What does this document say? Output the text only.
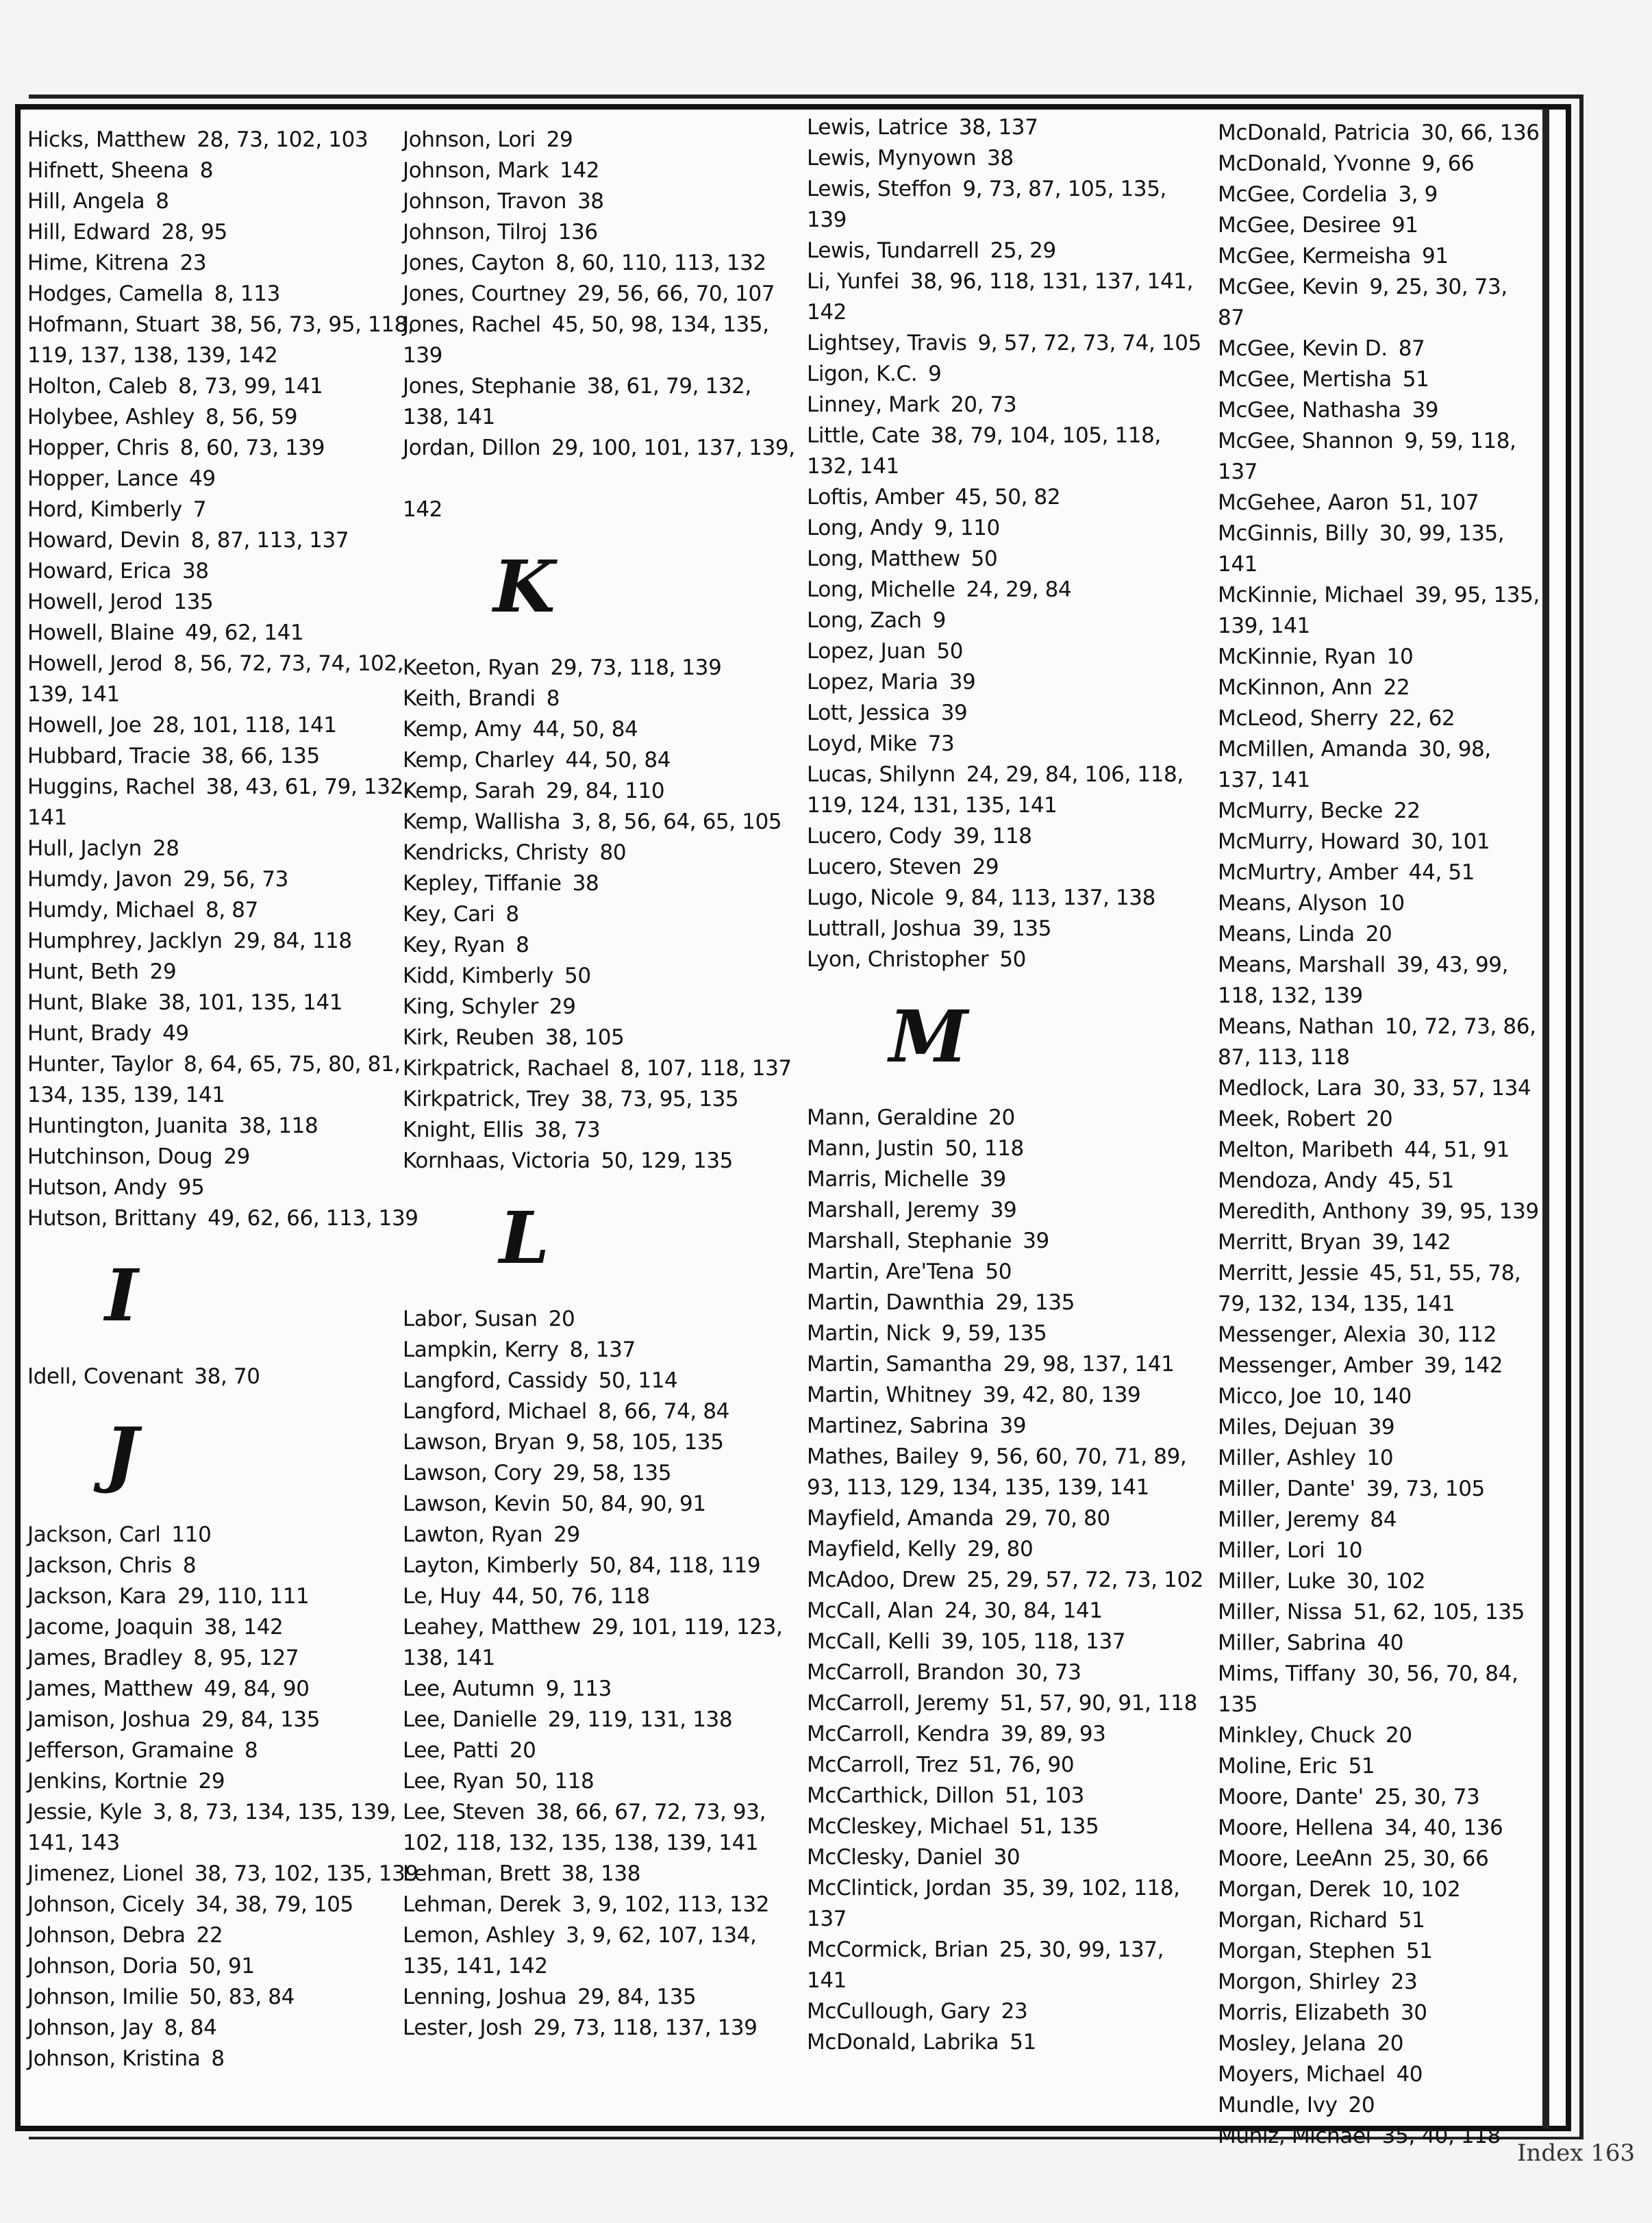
Hicks, Matthew 28, 73, 102, 103
Hifnett, Sheena 8
Hill, Angela 8
Hill, Edward 28, 95
Hime, Kitrena 23
Hodges, Camella 8, 113
Hofmann, Stuart 38, 56, 73, 95, 118, 119, 137, 138, 139, 142
Holton, Caleb 8, 73, 99, 141
Holybee, Ashley 8, 56, 59
Hopper, Chris 8, 60, 73, 139
Hopper, Lance 49
Hord, Kimberly 7
Howard, Devin 8, 87, 113, 137
Howard, Erica 38
Howell, Jerod 135
Howell, Blaine 49, 62, 141
Howell, Jerod 8, 56, 72, 73, 74, 102, 139, 141
Howell, Joe 28, 101, 118, 141
Hubbard, Tracie 38, 66, 135
Huggins, Rachel 38, 43, 61, 79, 132, 141
Hull, Jaclyn 28
Humdy, Javon 29, 56, 73
Humdy, Michael 8, 87
Humphrey, Jacklyn 29, 84, 118
Hunt, Beth 29
Hunt, Blake 38, 101, 135, 141
Hunt, Brady 49
Hunter, Taylor 8, 64, 65, 75, 80, 81, 134, 135, 139, 141
Huntington, Juanita 38, 118
Hutchinson, Doug 29
Hutson, Andy 95
Hutson, Brittany 49, 62, 66, 113, 139
I
Idell, Covenant 38, 70
J
Jackson, Carl 110
Jackson, Chris 8
Jackson, Kara 29, 110, 111
Jacome, Joaquin 38, 142
James, Bradley 8, 95, 127
James, Matthew 49, 84, 90
Jamison, Joshua 29, 84, 135
Jefferson, Gramaine 8
Jenkins, Kortnie 29
Jessie, Kyle 3, 8, 73, 134, 135, 139, 141, 143
Jimenez, Lionel 38, 73, 102, 135, 139
Johnson, Cicely 34, 38, 79, 105
Johnson, Debra 22
Johnson, Doria 50, 91
Johnson, Imilie 50, 83, 84
Johnson, Jay 8, 84
Johnson, Kristina 8
Johnson, Lori 29
Johnson, Mark 142
Johnson, Travon 38
Johnson, Tilroj 136
Jones, Cayton 8, 60, 110, 113, 132
Jones, Courtney 29, 56, 66, 70, 107
Jones, Rachel 45, 50, 98, 134, 135, 139
Jones, Stephanie 38, 61, 79, 132, 138, 141
Jordan, Dillon 29, 100, 101, 137, 139,
142
K
Keeton, Ryan 29, 73, 118, 139
Keith, Brandi 8
Kemp, Amy 44, 50, 84
Kemp, Charley 44, 50, 84
Kemp, Sarah 29, 84, 110
Kemp, Wallisha 3, 8, 56, 64, 65, 105
Kendricks, Christy 80
Kepley, Tiffanie 38
Key, Cari 8
Key, Ryan 8
Kidd, Kimberly 50
King, Schyler 29
Kirk, Reuben 38, 105
Kirkpatrick, Rachael 8, 107, 118, 137
Kirkpatrick, Trey 38, 73, 95, 135
Knight, Ellis 38, 73
Kornhaas, Victoria 50, 129, 135
L
Labor, Susan 20
Lampkin, Kerry 8, 137
Langford, Cassidy 50, 114
Langford, Michael 8, 66, 74, 84
Lawson, Bryan 9, 58, 105, 135
Lawson, Cory 29, 58, 135
Lawson, Kevin 50, 84, 90, 91
Lawton, Ryan 29
Layton, Kimberly 50, 84, 118, 119
Le, Huy 44, 50, 76, 118
Leahey, Matthew 29, 101, 119, 123, 138, 141
Lee, Autumn 9, 113
Lee, Danielle 29, 119, 131, 138
Lee, Patti 20
Lee, Ryan 50, 118
Lee, Steven 38, 66, 67, 72, 73, 93, 102, 118, 132, 135, 138, 139, 141
Lehman, Brett 38, 138
Lehman, Derek 3, 9, 102, 113, 132
Lemon, Ashley 3, 9, 62, 107, 134, 135, 141, 142
Lenning, Joshua 29, 84, 135
Lester, Josh 29, 73, 118, 137, 139
Lewis, Latrice 38, 137
Lewis, Mynyown 38
Lewis, Steffon 9, 73, 87, 105, 135, 139
Lewis, Tundarrell 25, 29
Li, Yunfei 38, 96, 118, 131, 137, 141, 142
Lightsey, Travis 9, 57, 72, 73, 74, 105
Ligon, K.C. 9
Linney, Mark 20, 73
Little, Cate 38, 79, 104, 105, 118, 132, 141
Loftis, Amber 45, 50, 82
Long, Andy 9, 110
Long, Matthew 50
Long, Michelle 24, 29, 84
Long, Zach 9
Lopez, Juan 50
Lopez, Maria 39
Lott, Jessica 39
Loyd, Mike 73
Lucas, Shilynn 24, 29, 84, 106, 118, 119, 124, 131, 135, 141
Lucero, Cody 39, 118
Lucero, Steven 29
Lugo, Nicole 9, 84, 113, 137, 138
Luttrall, Joshua 39, 135
Lyon, Christopher 50
M
Mann, Geraldine 20
Mann, Justin 50, 118
Marris, Michelle 39
Marshall, Jeremy 39
Marshall, Stephanie 39
Martin, Are'Tena 50
Martin, Dawnthia 29, 135
Martin, Nick 9, 59, 135
Martin, Samantha 29, 98, 137, 141
Martin, Whitney 39, 42, 80, 139
Martinez, Sabrina 39
Mathes, Bailey 9, 56, 60, 70, 71, 89, 93, 113, 129, 134, 135, 139, 141
Mayfield, Amanda 29, 70, 80
Mayfield, Kelly 29, 80
McAdoo, Drew 25, 29, 57, 72, 73, 102
McCall, Alan 24, 30, 84, 141
McCall, Kelli 39, 105, 118, 137
McCarroll, Brandon 30, 73
McCarroll, Jeremy 51, 57, 90, 91, 118
McCarroll, Kendra 39, 89, 93
McCarroll, Trez 51, 76, 90
McCarthick, Dillon 51, 103
McCleskey, Michael 51, 135
McClesky, Daniel 30
McClintick, Jordan 35, 39, 102, 118, 137
McCormick, Brian 25, 30, 99, 137, 141
McCullough, Gary 23
McDonald, Labrika 51
McDonald, Patricia 30, 66, 136
McDonald, Yvonne 9, 66
McGee, Cordelia 3, 9
McGee, Desiree 91
McGee, Kermeisha 91
McGee, Kevin 9, 25, 30, 73, 87
McGee, Kevin D. 87
McGee, Mertisha 51
McGee, Nathasha 39
McGee, Shannon 9, 59, 118, 137
McGehee, Aaron 51, 107
McGinnis, Billy 30, 99, 135, 141
McKinnie, Michael 39, 95, 135, 139, 141
McKinnie, Ryan 10
McKinnon, Ann 22
McLeod, Sherry 22, 62
McMillen, Amanda 30, 98, 137, 141
McMurry, Becke 22
McMurry, Howard 30, 101
McMurtry, Amber 44, 51
Means, Alyson 10
Means, Linda 20
Means, Marshall 39, 43, 99, 118, 132, 139
Means, Nathan 10, 72, 73, 86, 87, 113, 118
Medlock, Lara 30, 33, 57, 134
Meek, Robert 20
Melton, Maribeth 44, 51, 91
Mendoza, Andy 45, 51
Meredith, Anthony 39, 95, 139
Merritt, Bryan 39, 142
Merritt, Jessie 45, 51, 55, 78, 79, 132, 134, 135, 141
Messenger, Alexia 30, 112
Messenger, Amber 39, 142
Micco, Joe 10, 140
Miles, Dejuan 39
Miller, Ashley 10
Miller, Dante' 39, 73, 105
Miller, Jeremy 84
Miller, Lori 10
Miller, Luke 30, 102
Miller, Nissa 51, 62, 105, 135
Miller, Sabrina 40
Mims, Tiffany 30, 56, 70, 84, 135
Minkley, Chuck 20
Moline, Eric 51
Moore, Dante' 25, 30, 73
Moore, Hellena 34, 40, 136
Moore, LeeAnn 25, 30, 66
Morgan, Derek 10, 102
Morgan, Richard 51
Morgan, Stephen 51
Morgon, Shirley 23
Morris, Elizabeth 30
Mosley, Jelana 20
Moyers, Michael 40
Mundle, Ivy 20
Muniz, Michael 35, 40, 118
Index 163
